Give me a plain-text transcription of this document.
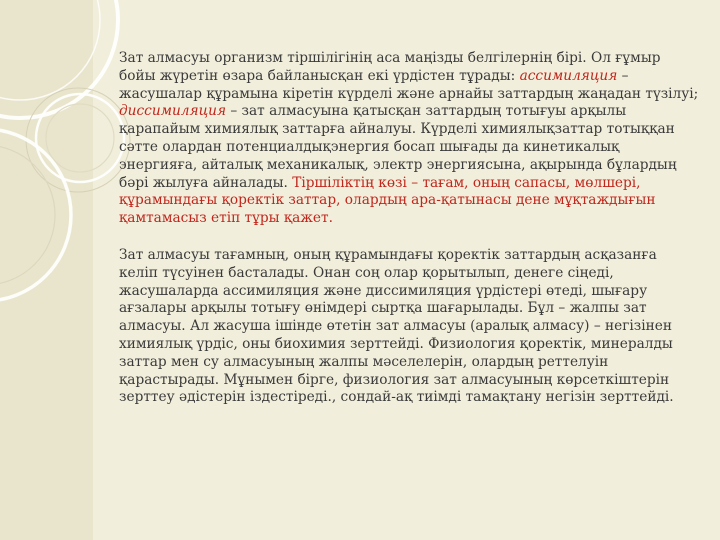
Зат алмасуы организм тіршілігінің аса маңізды белгілернің бірі. Ол ғұмыр бойы жүретін өзара байланысқан екі үрдістен тұрады: ассимиляция – жасушалар құрамына кіретін күрделі және арнайы заттардың жаңадан түзілуі; диссимиляция – зат алмасуына қатысқан заттардың тотығуы арқылы қарапайым химиялық заттарға айналуы. Күрделі химиялықзаттар тотыққан сәтте олардан потенциалдықэнергия босап шығады да кинетикалық энергияға, айталық механикалық, электр энергиясына, ақырында бұлардың бәрі жылуға айналады. Тіршіліктің көзі – тағам, оның сапасы, мөлшері, құрамындағы қоректік заттар, олардың ара-қатынасы дене мұқтаждығын қамтамасыз етіп тұры қажет.

Зат алмасуы тағамның, оның құрамындағы қоректік заттардың асқазанға келіп түсуінен басталады. Онан соң олар қорытылып, денеге сіңеді, жасушаларда ассимиляция және диссимиляция үрдістері өтеді, шығару ағзалары арқылы тотығу өнімдері сыртқа шағарылады. Бұл – жалпы зат алмасуы. Ал жасуша ішінде өтетін зат алмасуы (аралық алмасу) – негізінен химиялық үрдіс, оны биохимия зерттейді. Физиология қоректік, минералды заттар мен су алмасуының жалпы мәселелерін, олардың реттелуін қарастырады. Мұнымен бірге, физиология зат алмасуының көрсеткіштерін зерттеу әдістерін іздестіреді., сондай-ақ тиімді тамақтану негізін зерттейді.
